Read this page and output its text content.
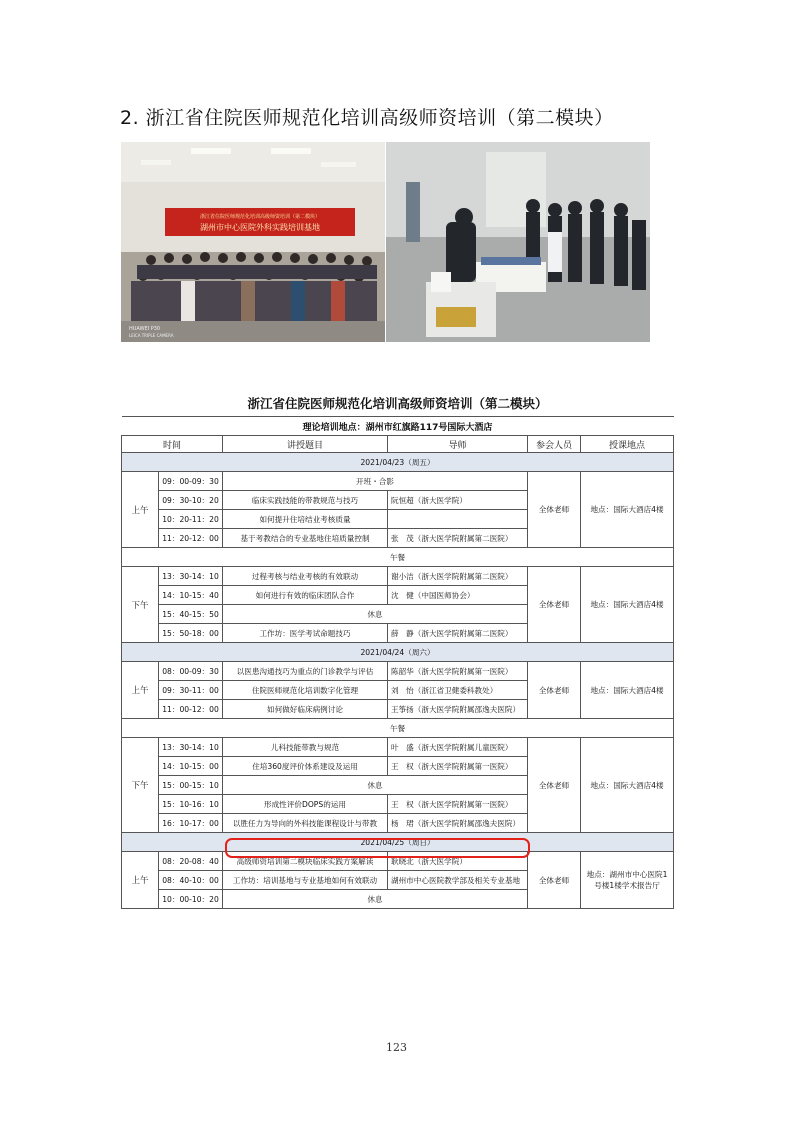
2. 浙江省住院医师规范化培训高级师资培训（第二模块）
浙江省住院医师规范化培训高级师资培训（第二模块）
湖州市中心医院外科实践培训基地
HUAWEI P30
LEICA TRIPLE CAMERA
浙江省住院医师规范化培训高级师资培训（第二模块）					
理论培训地点：湖州市红旗路117号国际大酒店					
时间		讲授题目	导师	参会人员	授课地点
2021/04/23（周五）					
上午	09：00-09：30	开班・合影		全体老师	地点：国际大酒店4楼
	09：30-10：20	临床实践技能的带教规范与技巧	阮恒超（浙大医学院）		
	10：20-11：20	如何提升住培结业考核质量			
	11：20-12：00	基于考教结合的专业基地住培质量控制	张　茂（浙大医学院附属第二医院）		
午餐					
下午	13：30-14：10	过程考核与结业考核的有效联动	谢小洁（浙大医学院附属第二医院）	全体老师	地点：国际大酒店4楼
	14：10-15：40	如何进行有效的临床团队合作	沈　健（中国医师协会）		
	15：40-15：50	休息			
	15：50-18：00	工作坊：医学考试命题技巧	薛　静（浙大医学院附属第二医院）		
2021/04/24（周六）					
上午	08：00-09：30	以医患沟通技巧为重点的门诊教学与评估	陈韶华（浙大医学院附属第一医院）	全体老师	地点：国际大酒店4楼
	09：30-11：00	住院医师规范化培训数字化管理	刘　怡（浙江省卫健委科教处）		
	11：00-12：00	如何做好临床病例讨论	王筝扬（浙大医学院附属邵逸夫医院）		
午餐					
下午	13：30-14：10	儿科技能带教与规范	叶　盛（浙大医学院附属儿童医院）	全体老师	地点：国际大酒店4楼
	14：10-15：00	住培360度评价体系建设及运用	王　权（浙大医学院附属第一医院）		
	15：00-15：10	休息			
	15：10-16：10	形成性评价DOPS的运用	王　权（浙大医学院附属第一医院）		
	16：10-17：00	以胜任力为导向的外科技能课程设计与带教	杨　珺（浙大医学院附属邵逸夫医院）		
2021/04/25（周日）					
上午	08：20-08：40	高级师资培训第二模块临床实践方案解读	耿晓北（浙大医学院）	全体老师	地点：湖州市中心医院1号楼1楼学术报告厅
	08：40-10：00	工作坊：培训基地与专业基地如何有效联动	湖州市中心医院教学部及相关专业基地		
	10：00-10：20	休息			
123
